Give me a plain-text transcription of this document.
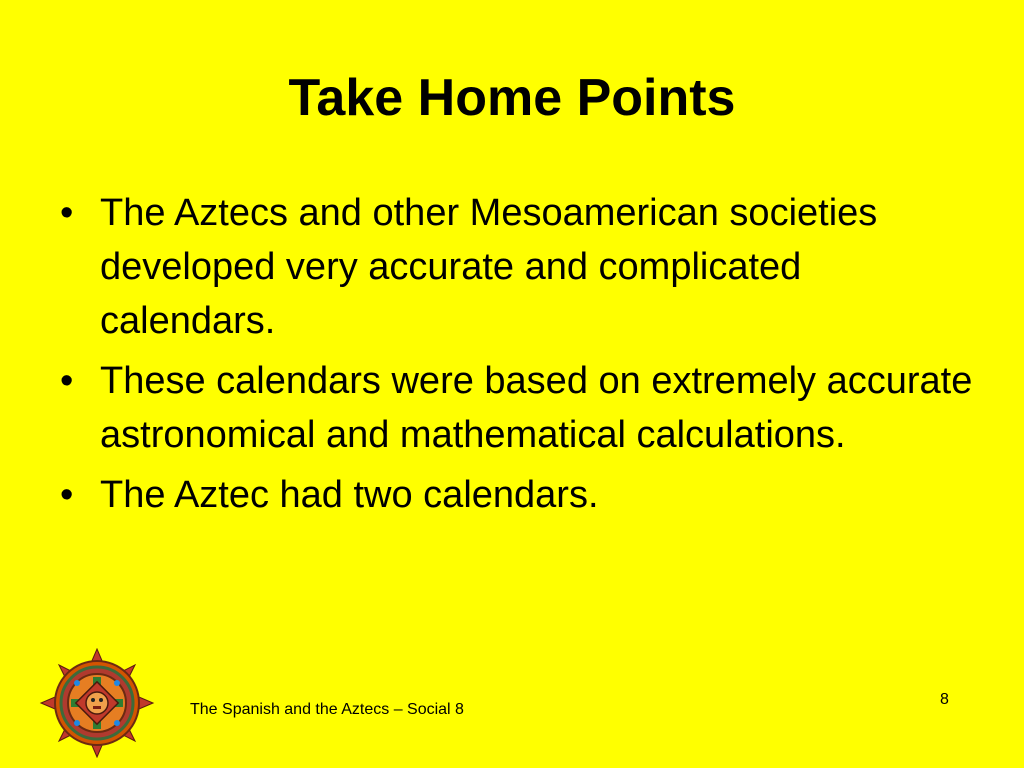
Take Home Points
• The Aztecs and other Mesoamerican societies developed very accurate and complicated calendars.
• These calendars were based on extremely accurate astronomical and mathematical calculations.
• The Aztec had two calendars.
The Spanish and the Aztecs – Social 8
8
